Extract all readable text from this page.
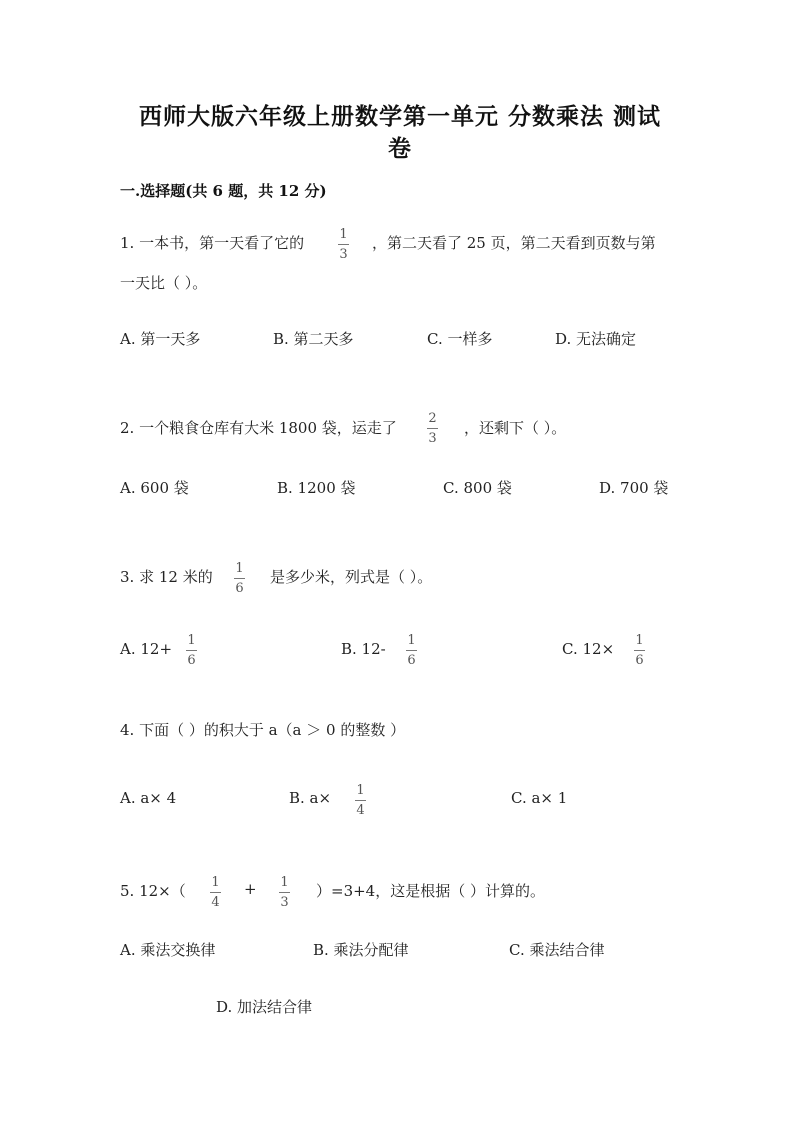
西师大版六年级上册数学第一单元 分数乘法 测试
卷
一.选择题(共 6 题，共 12 分)
1. 一本书，第一天看了它的	1
3
，第二天看了 25 页，第二天看到页数与第
一天比（ ）。
A. 第一天多	B. 第二天多	C. 一样多	D. 无法确定
2. 一个粮食仓库有大米 1800 袋，运走了
2
3
，还剩下（ ）。
A. 600 袋	B. 1200 袋	C. 800 袋	D. 700 袋
3. 求 12 米的 1
6
是多少米，列式是（ ）。
A. 12+ 1
6
B. 12- 1
6
C. 12× 1
6
4. 下面（ ）的积大于 a（a ＞ 0 的整数 ）
A. a× 4	B. a× 1
4
C. a× 1
5. 12×（ 1
4
+ 1
3
）=3+4，这是根据（ ）计算的。
A. 乘法交换律	B. 乘法分配律	C. 乘法结合律
D. 加法结合律
